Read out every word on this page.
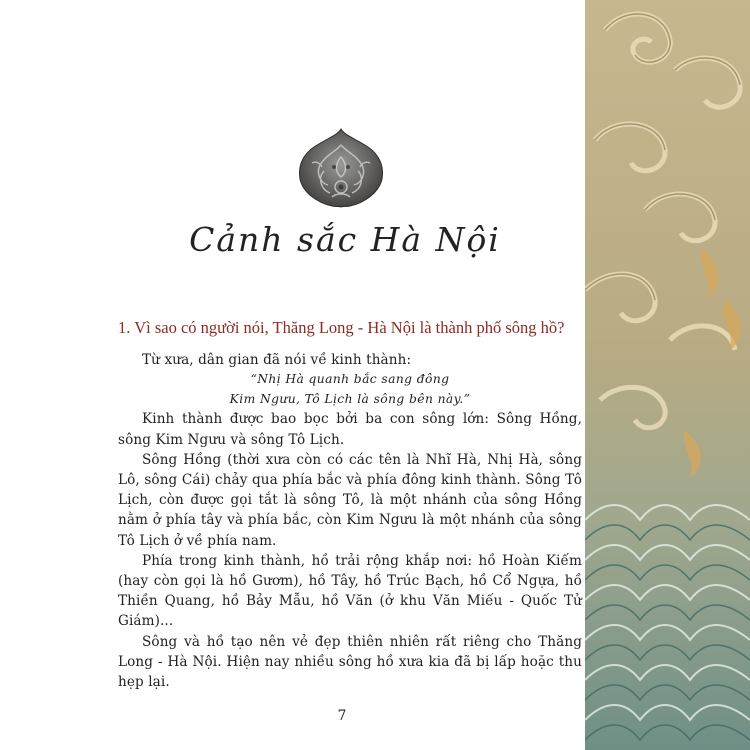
Cảnh sắc Hà Nội
1. Vì sao có người nói, Thăng Long - Hà Nội là thành phố sông hồ?

Từ xưa, dân gian đã nói về kinh thành:

“Nhị Hà quanh bắc sang đông

Kim Ngưu, Tô Lịch là sông bên này.”

Kinh thành được bao bọc bởi ba con sông lớn: Sông Hồng, sông Kim Ngưu và sông Tô Lịch.

Sông Hồng (thời xưa còn có các tên là Nhĩ Hà, Nhị Hà, sông Lô, sông Cái) chảy qua phía bắc và phía đông kinh thành. Sông Tô Lịch, còn được gọi tắt là sông Tô, là một nhánh của sông Hồng nằm ở phía tây và phía bắc, còn Kim Ngưu là một nhánh của sông Tô Lịch ở về phía nam.

Phía trong kinh thành, hồ trải rộng khắp nơi: hồ Hoàn Kiếm (hay còn gọi là hồ Gươm), hồ Tây, hồ Trúc Bạch, hồ Cổ Ngựa, hồ Thiền Quang, hồ Bảy Mẫu, hồ Văn (ở khu Văn Miếu - Quốc Tử Giám)...

Sông và hồ tạo nên vẻ đẹp thiên nhiên rất riêng cho Thăng Long - Hà Nội. Hiện nay nhiều sông hồ xưa kia đã bị lấp hoặc thu hẹp lại.

7
